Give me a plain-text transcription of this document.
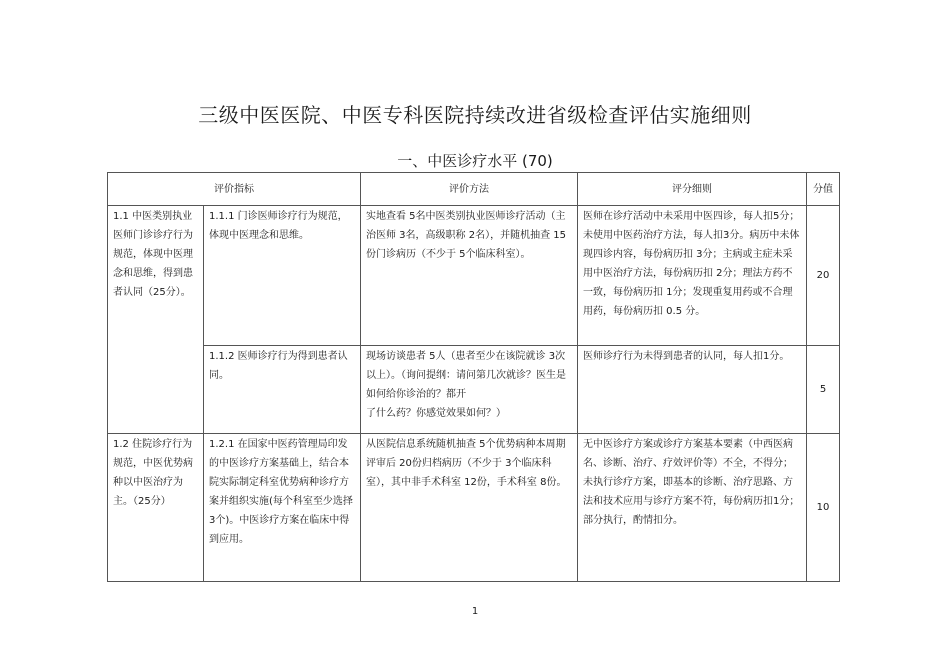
三级中医医院、中医专科医院持续改进省级检查评估实施细则
一、中医诊疗水平 (70)
评价指标		评价方法	评分细则	分值
1.1 中医类别执业医师门诊诊疗行为规范，体现中医理念和思维，得到患者认同（25分）。	1.1.1 门诊医师诊疗行为规范，体现中医理念和思维。	实地查看 5名中医类别执业医师诊疗活动（主治医师 3名，高级职称 2名），并随机抽查 15份门诊病历（不少于 5个临床科室）。	医师在诊疗活动中未采用中医四诊，每人扣5分；未使用中医药治疗方法，每人扣3分。病历中未体现四诊内容，每份病历扣 3分；主病或主症未采用中医治疗方法，每份病历扣 2分；理法方药不一致，每份病历扣 1分；发现重复用药或不合理用药，每份病历扣 0.5 分。	20
	1.1.2 医师诊疗行为得到患者认同。	现场访谈患者 5人（患者至少在该院就诊 3次以上）。（询问提纲：请问第几次就诊？医生是如何给你诊治的？都开
了什么药？你感觉效果如何？）	医师诊疗行为未得到患者的认同，每人扣1分。	5
1.2 住院诊疗行为规范，中医优势病种以中医治疗为主。（25分）	1.2.1 在国家中医药管理局印发的中医诊疗方案基础上，结合本院实际制定科室优势病种诊疗方案并组织实施(每个科室至少选择 3个)。中医诊疗方案在临床中得到应用。	从医院信息系统随机抽查 5个优势病种本周期评审后 20份归档病历（不少于 3个临床科室），其中非手术科室 12份，手术科室 8份。	无中医诊疗方案或诊疗方案基本要素（中西医病名、诊断、治疗、疗效评价等）不全，不得分；未执行诊疗方案，即基本的诊断、治疗思路、方法和技术应用与诊疗方案不符，每份病历扣1分；部分执行，酌情扣分。	10
1
